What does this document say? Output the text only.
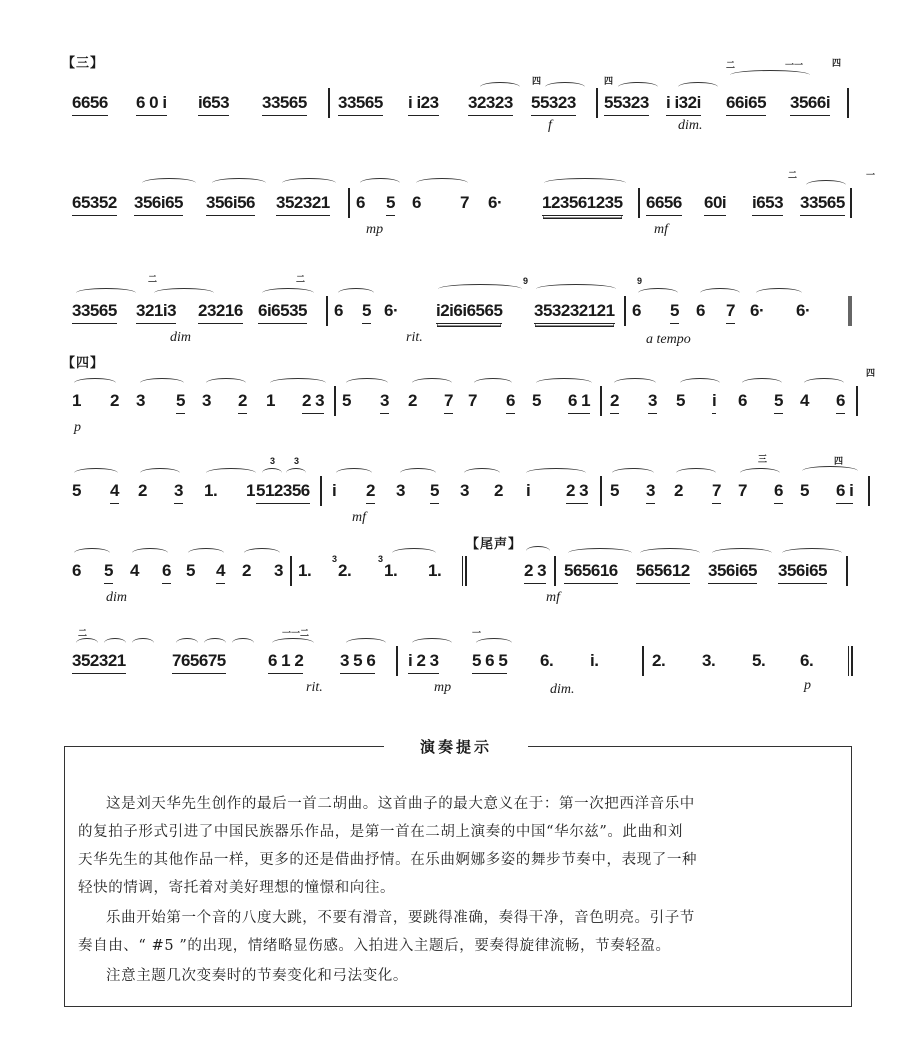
【三】
6656 6 0 i i653 33565 33565 i i23 32323 55323 55323 i i32i 66i65 3566i
四	四
二	一一	四
f	dim.
65352 356i65 356i56 352321 6 5 6 7 6· 123561235 6656 60i i653 33565
二	一
mp	mf
33565 321i3 23216 6i6535 6 5 6· i2i6i6565 353232121 6 5 6 7 6· 6·
二	二	9	9
dim	rit.	a tempo
【四】
1 2 3 5 3 2 1 2 3 5 3 2 7 7 6 5 6 1 2 3 5 i 6 5 4 6
四
p
5 4 2 3 1. 1 512356 i 2 3 5 3 2 i 2 3 5 3 2 7 7 6 5 6 i
3 3	三	四
mf
6 5 4 6 5 4 2 3 1. 2. 1. 1.	2 3 565616 565612 356i65 356i65
3	3
dim	mf
【尾声】
352321	765675 6 1 2 3 5 6 i 2 3 5 6 5 6. i.	2. 3. 5. 6.
二	一一二	一
rit.	mp	dim.	p
演奏提示
这是刘天华先生创作的最后一首二胡曲。这首曲子的最大意义在于：第一次把西洋音乐中
的复拍子形式引进了中国民族器乐作品，是第一首在二胡上演奏的中国“华尔兹”。此曲和刘
天华先生的其他作品一样，更多的还是借曲抒情。在乐曲婀娜多姿的舞步节奏中，表现了一种
轻快的情调，寄托着对美好理想的憧憬和向往。
乐曲开始第一个音的八度大跳，不要有滑音，要跳得准确，奏得干净，音色明亮。引子节
奏自由、“ #5 ”的出现，情绪略显伤感。入拍进入主题后，要奏得旋律流畅，节奏轻盈。
注意主题几次变奏时的节奏变化和弓法变化。
